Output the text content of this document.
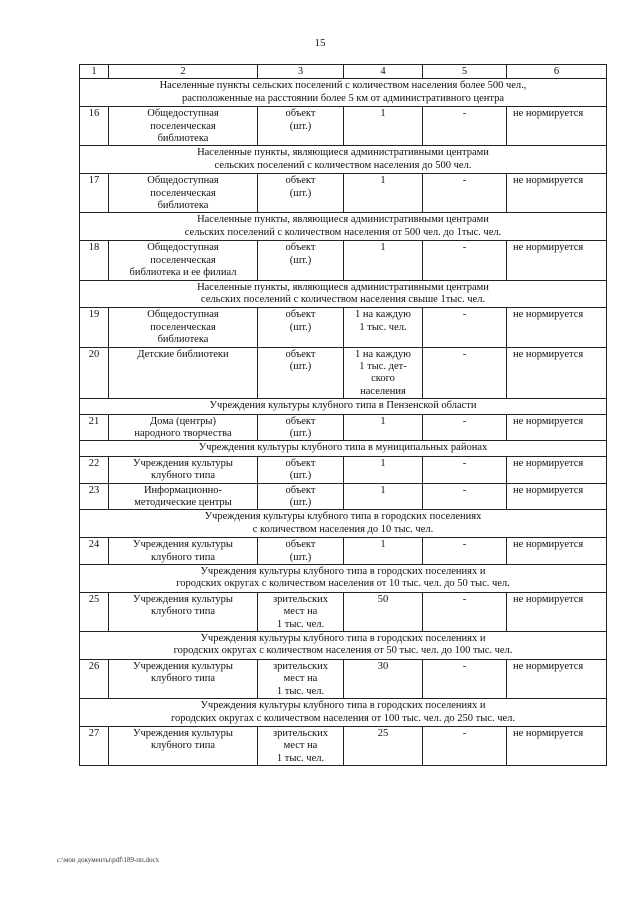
15
1	2	3	4	5	6
Населенные пункты сельских поселений с количеством населения более 500 чел.,
расположенные на расстоянии более 5 км от административного центра					
16	Общедоступная
поселенческая
библиотека	объект
(шт.)	1	-	не нормируется
Населенные пункты, являющиеся административными центрами
сельских поселений с количеством населения до 500 чел.					
17	Общедоступная
поселенческая
библиотека	объект
(шт.)	1	-	не нормируется
Населенные пункты, являющиеся административными центрами
сельских поселений с количеством населения от 500 чел. до 1тыс. чел.					
18	Общедоступная
поселенческая
библиотека и ее филиал	объект
(шт.)	1	-	не нормируется
Населенные пункты, являющиеся административными центрами
сельских поселений с количеством населения свыше 1тыс. чел.					
19	Общедоступная
поселенческая
библиотека	объект
(шт.)	1 на каждую
1 тыс. чел.	-	не нормируется
20	Детские библиотеки	объект
(шт.)	1 на каждую
1 тыс. дет-
ского
населения	-	не нормируется
Учреждения культуры клубного типа в Пензенской области					
21	Дома (центры)
народного творчества	объект
(шт.)	1	-	не нормируется
Учреждения культуры клубного типа в муниципальных районах					
22	Учреждения культуры
клубного типа	объект
(шт.)	1	-	не нормируется
23	Информационно-
методические центры	объект
(шт.)	1	-	не нормируется
Учреждения культуры клубного типа в городских поселениях
с количеством населения до 10 тыс. чел.					
24	Учреждения культуры
клубного типа	объект
(шт.)	1	-	не нормируется
Учреждения культуры клубного типа в городских поселениях и
городских округах с количеством населения от 10 тыс. чел. до 50 тыс. чел.					
25	Учреждения культуры
клубного типа	зрительских
мест на
1 тыс. чел.	50	-	не нормируется
Учреждения культуры клубного типа в городских поселениях и
городских округах с количеством населения от 50 тыс. чел. до 100 тыс. чел.					
26	Учреждения культуры
клубного типа	зрительских
мест на
1 тыс. чел.	30	-	не нормируется
Учреждения культуры клубного типа в городских поселениях и
городских округах с количеством населения от 100 тыс. чел. до 250 тыс. чел.					
27	Учреждения культуры
клубного типа	зрительских
мест на
1 тыс. чел.	25	-	не нормируется
c:\мои документы\pdf\189-пп.docx
